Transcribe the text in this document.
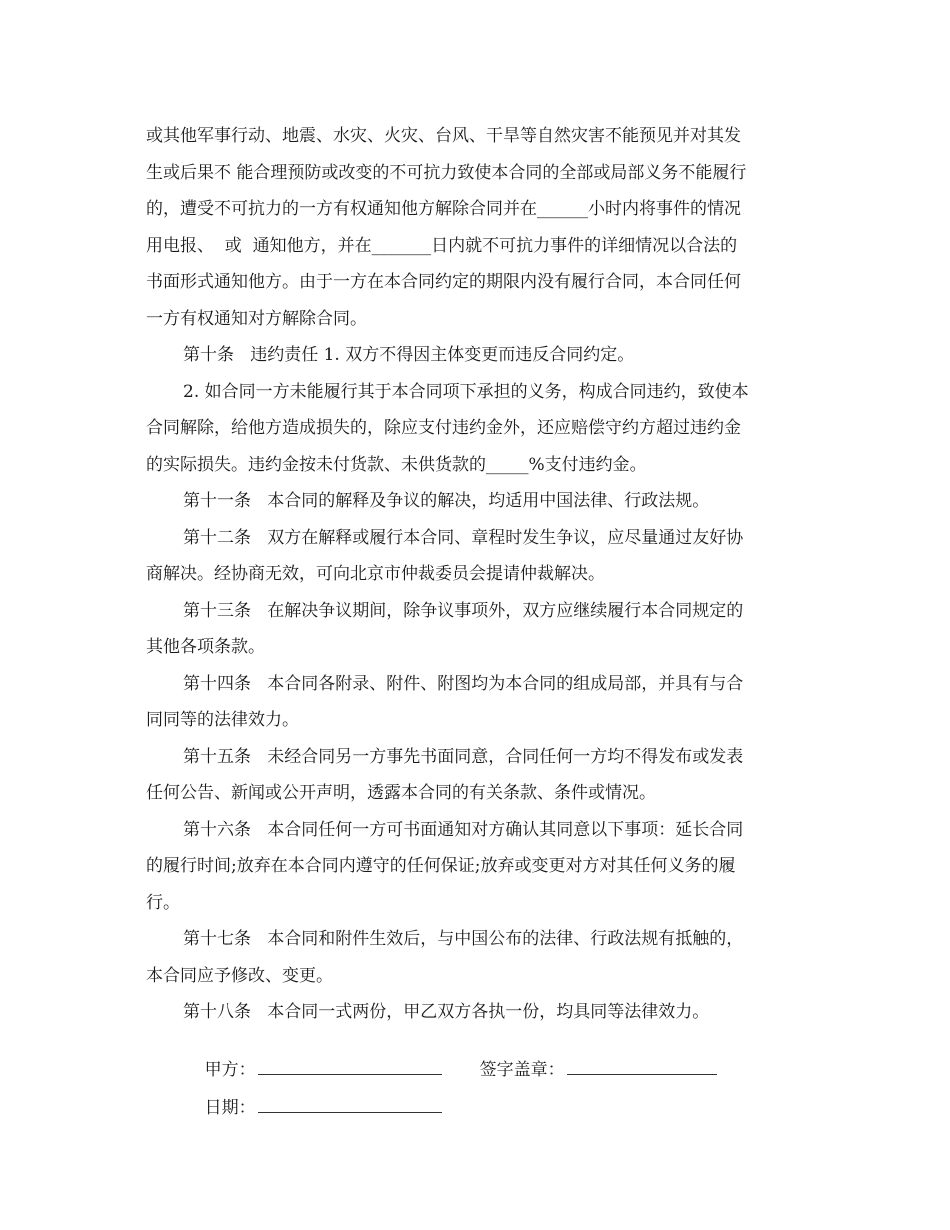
或其他军事行动、地震、水灾、火灾、台风、干旱等自然灾害不能预见并对其发
生或后果不 能合理预防或改变的不可抗力致使本合同的全部或局部义务不能履行
的，遭受不可抗力的一方有权通知他方解除合同并在______小时内将事件的情况
用电报、  或  通知他方，并在_______日内就不可抗力事件的详细情况以合法的
书面形式通知他方。由于一方在本合同约定的期限内没有履行合同，本合同任何
一方有权通知对方解除合同。
第十条   违约责任 1. 双方不得因主体变更而违反合同约定。
2. 如合同一方未能履行其于本合同项下承担的义务，构成合同违约，致使本
合同解除，给他方造成损失的，除应支付违约金外，还应赔偿守约方超过违约金
的实际损失。违约金按未付货款、未供货款的_____%支付违约金。
第十一条   本合同的解释及争议的解决，均适用中国法律、行政法规。
第十二条   双方在解释或履行本合同、章程时发生争议，应尽量通过友好协
商解决。经协商无效，可向北京市仲裁委员会提请仲裁解决。
第十三条   在解决争议期间，除争议事项外，双方应继续履行本合同规定的
其他各项条款。
第十四条   本合同各附录、附件、附图均为本合同的组成局部，并具有与合
同同等的法律效力。
第十五条   未经合同另一方事先书面同意，合同任何一方均不得发布或发表
任何公告、新闻或公开声明，透露本合同的有关条款、条件或情况。
第十六条   本合同任何一方可书面通知对方确认其同意以下事项：延长合同
的履行时间;放弃在本合同内遵守的任何保证;放弃或变更对方对其任何义务的履
行。
第十七条   本合同和附件生效后，与中国公布的法律、行政法规有抵触的，
本合同应予修改、变更。
第十八条   本合同一式两份，甲乙双方各执一份，均具同等法律效力。

甲方：	签字盖章：

日期：
